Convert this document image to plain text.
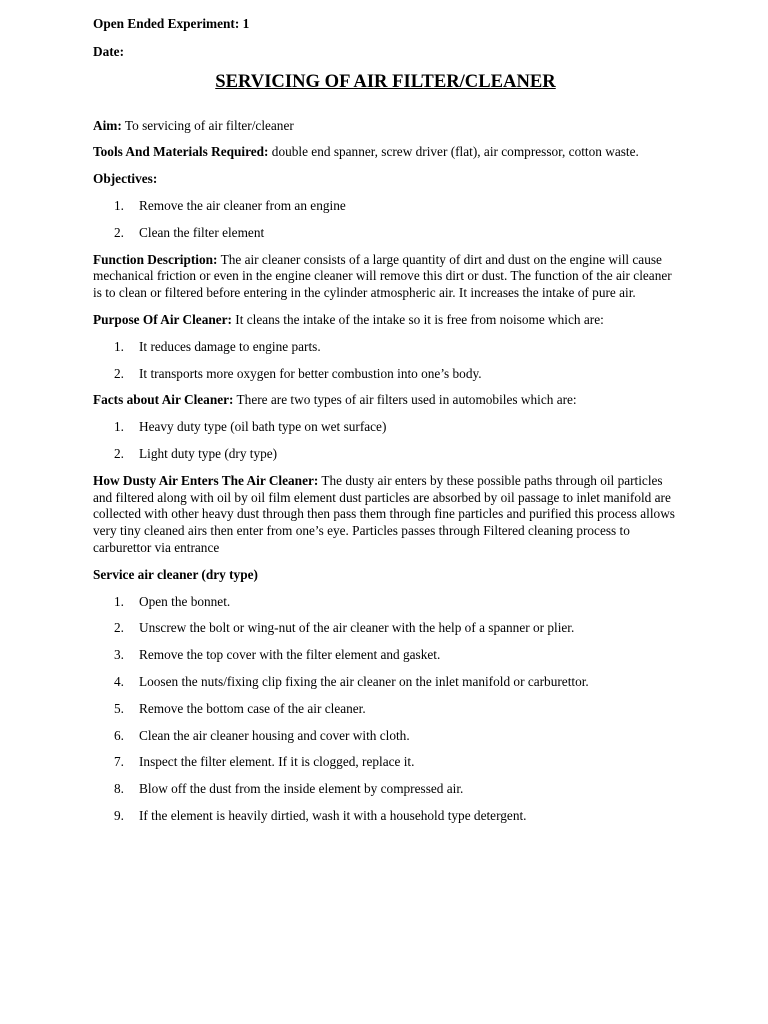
Open Ended Experiment: 1

Date:

SERVICING OF AIR FILTER/CLEANER

Aim: To servicing of air filter/cleaner

Tools And Materials Required: double end spanner, screw driver (flat), air compressor, cotton waste.

Objectives:

1. Remove the air cleaner from an engine
2. Clean the filter element

Function Description: The air cleaner consists of a large quantity of dirt and dust on the engine will cause mechanical friction or even in the engine cleaner will remove this dirt or dust. The function of the air cleaner is to clean or filtered before entering in the cylinder atmospheric air. It increases the intake of pure air.

Purpose Of Air Cleaner: It cleans the intake of the intake so it is free from noisome which are:

1. It reduces damage to engine parts.
2. It transports more oxygen for better combustion into one’s body.

Facts about Air Cleaner: There are two types of air filters used in automobiles which are:

1. Heavy duty type (oil bath type on wet surface)
2. Light duty type (dry type)

How Dusty Air Enters The Air Cleaner: The dusty air enters by these possible paths through oil particles and filtered along with oil by oil film element dust particles are absorbed by oil passage to inlet manifold are collected with other heavy dust through then pass them through fine particles and purified this process allows very tiny cleaned airs then enter from one’s eye. Particles passes through Filtered cleaning process to carburettor via entrance

Service air cleaner (dry type)

1. Open the bonnet.
2. Unscrew the bolt or wing-nut of the air cleaner with the help of a spanner or plier.
3. Remove the top cover with the filter element and gasket.
4. Loosen the nuts/fixing clip fixing the air cleaner on the inlet manifold or carburettor.
5. Remove the bottom case of the air cleaner.
6. Clean the air cleaner housing and cover with cloth.
7. Inspect the filter element. If it is clogged, replace it.
8. Blow off the dust from the inside element by compressed air.
9. If the element is heavily dirtied, wash it with a household type detergent.
